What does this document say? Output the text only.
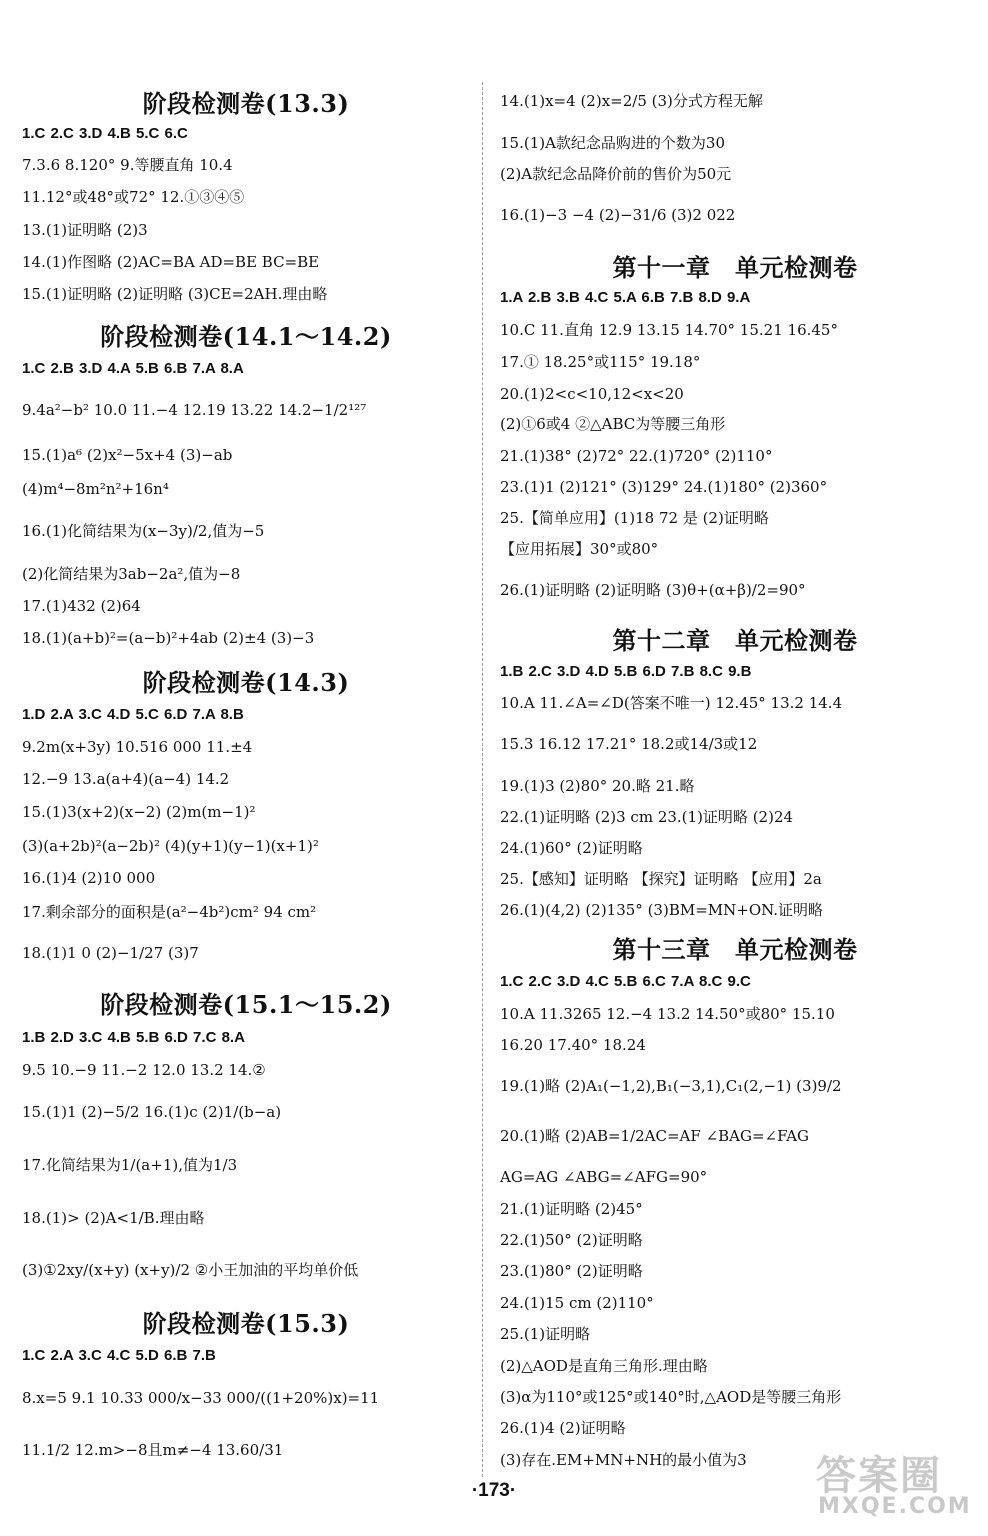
阶段检测卷(13.3)
1.C 2.C 3.D 4.B 5.C 6.C
7.3.6 8.120° 9.等腰直角 10.4
11.12°或48°或72° 12.①③④⑤
13.(1)证明略 (2)3
14.(1)作图略 (2)AC=BA AD=BE BC=BE
15.(1)证明略 (2)证明略 (3)CE=2AH.理由略
阶段检测卷(14.1～14.2)
1.C 2.B 3.D 4.A 5.B 6.B 7.A 8.A
9.4a²−b² 10.0 11.−4 12.19 13.22 14.2−1/2¹²⁷
15.(1)a⁶ (2)x²−5x+4 (3)−ab
(4)m⁴−8m²n²+16n⁴
16.(1)化简结果为(x−3y)/2,值为−5
(2)化简结果为3ab−2a²,值为−8
17.(1)432 (2)64
18.(1)(a+b)²=(a−b)²+4ab (2)±4 (3)−3
阶段检测卷(14.3)
1.D 2.A 3.C 4.D 5.C 6.D 7.A 8.B
9.2m(x+3y) 10.516 000 11.±4
12.−9 13.a(a+4)(a−4) 14.2
15.(1)3(x+2)(x−2) (2)m(m−1)²
(3)(a+2b)²(a−2b)² (4)(y+1)(y−1)(x+1)²
16.(1)4 (2)10 000
17.剩余部分的面积是(a²−4b²)cm² 94 cm²
18.(1)1 0 (2)−1/27 (3)7
阶段检测卷(15.1～15.2)
1.B 2.D 3.C 4.B 5.B 6.D 7.C 8.A
9.5 10.−9 11.−2 12.0 13.2 14.②
15.(1)1 (2)−5/2 16.(1)c (2)1/(b−a)
17.化简结果为1/(a+1),值为1/3
18.(1)> (2)A<1/B.理由略
(3)①2xy/(x+y) (x+y)/2 ②小王加油的平均单价低
阶段检测卷(15.3)
1.C 2.A 3.C 4.C 5.D 6.B 7.B
8.x=5 9.1 10.33 000/x−33 000/((1+20%)x)=11
11.1/2 12.m>−8且m≠−4 13.60/31
14.(1)x=4 (2)x=2/5 (3)分式方程无解
15.(1)A款纪念品购进的个数为30
(2)A款纪念品降价前的售价为50元
16.(1)−3 −4 (2)−31/6 (3)2 022
第十一章　单元检测卷
1.A 2.B 3.B 4.C 5.A 6.B 7.B 8.D 9.A
10.C 11.直角 12.9 13.15 14.70° 15.21 16.45°
17.① 18.25°或115° 19.18°
20.(1)2<c<10,12<x<20
(2)①6或4 ②△ABC为等腰三角形
21.(1)38° (2)72° 22.(1)720° (2)110°
23.(1)1 (2)121° (3)129° 24.(1)180° (2)360°
25.【简单应用】(1)18 72 是 (2)证明略
【应用拓展】30°或80°
26.(1)证明略 (2)证明略 (3)θ+(α+β)/2=90°
第十二章　单元检测卷
1.B 2.C 3.D 4.D 5.B 6.D 7.B 8.C 9.B
10.A 11.∠A=∠D(答案不唯一) 12.45° 13.2 14.4
15.3 16.12 17.21° 18.2或14/3或12
19.(1)3 (2)80° 20.略 21.略
22.(1)证明略 (2)3 cm 23.(1)证明略 (2)24
24.(1)60° (2)证明略
25.【感知】证明略 【探究】证明略 【应用】2a
26.(1)(4,2) (2)135° (3)BM=MN+ON.证明略
第十三章　单元检测卷
1.C 2.C 3.D 4.C 5.B 6.C 7.A 8.C 9.C
10.A 11.3265 12.−4 13.2 14.50°或80° 15.10
16.20 17.40° 18.24
19.(1)略 (2)A₁(−1,2),B₁(−3,1),C₁(2,−1) (3)9/2
20.(1)略 (2)AB=1/2AC=AF ∠BAG=∠FAG
AG=AG ∠ABG=∠AFG=90°
21.(1)证明略 (2)45°
22.(1)50° (2)证明略
23.(1)80° (2)证明略
24.(1)15 cm (2)110°
25.(1)证明略
(2)△AOD是直角三角形.理由略
(3)α为110°或125°或140°时,△AOD是等腰三角形
26.(1)4 (2)证明略
(3)存在.EM+MN+NH的最小值为3
·173·	答案圈
MXQE.COM
